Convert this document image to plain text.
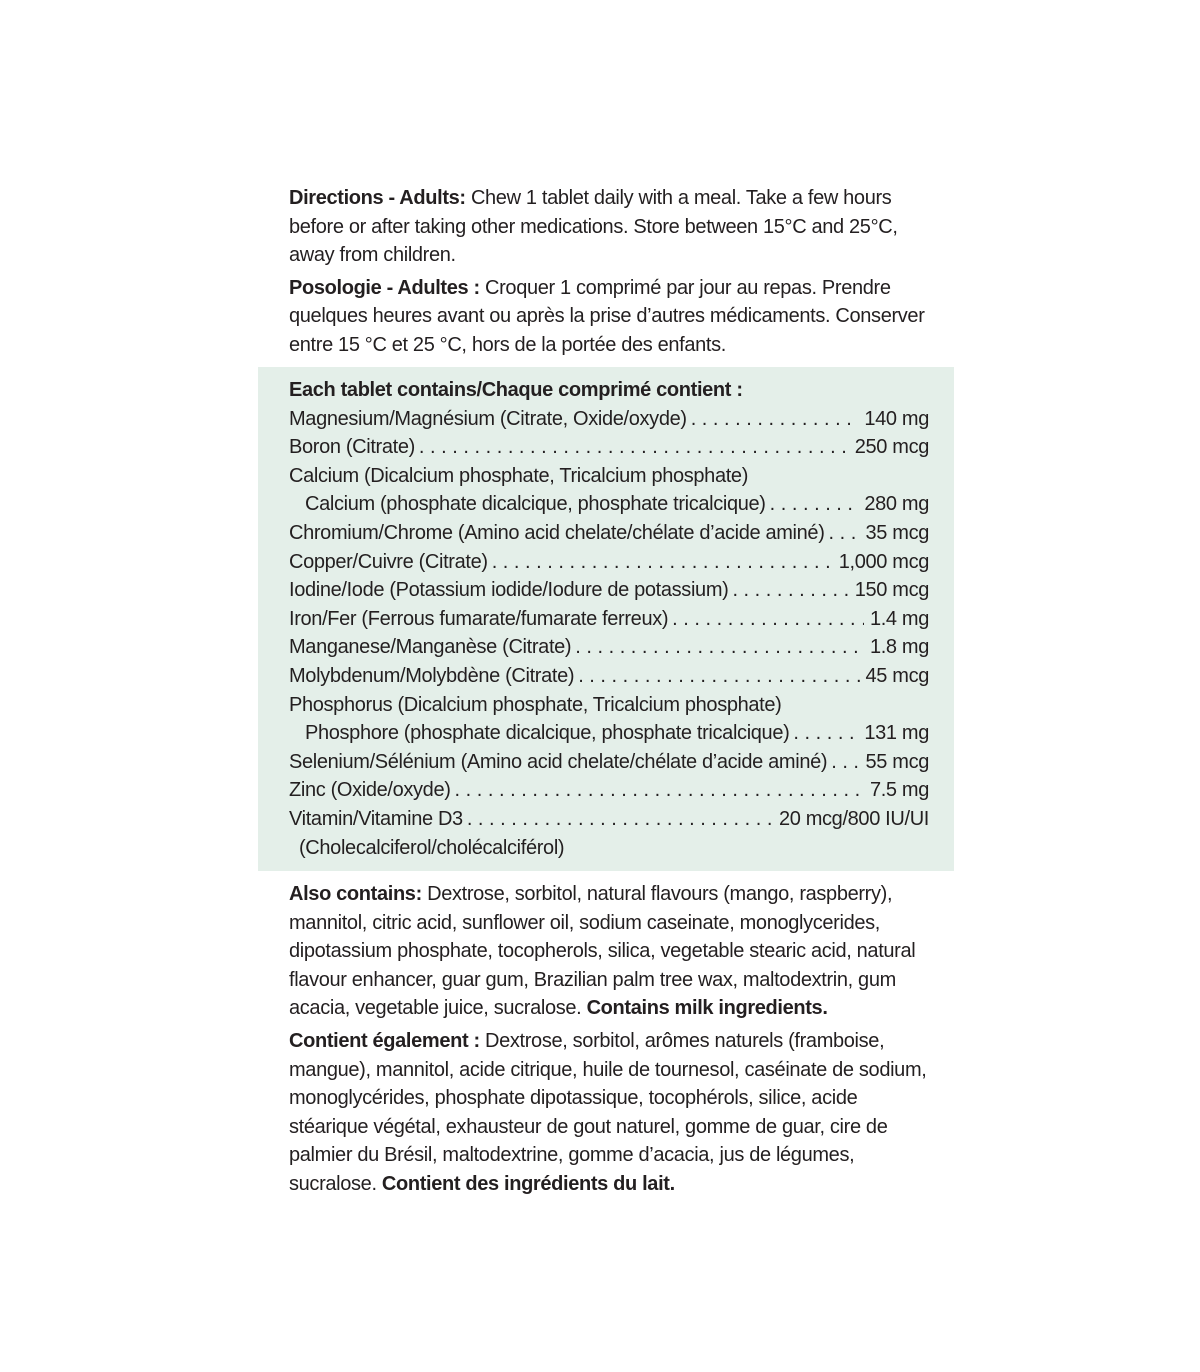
Directions - Adults: Chew 1 tablet daily with a meal. Take a few hours before or after taking other medications. Store between 15°C and 25°C, away from children.

Posologie - Adultes : Croquer 1 comprimé par jour au repas. Prendre quelques heures avant ou après la prise d’autres médicaments. Conserver entre 15 °C et 25 °C, hors de la portée des enfants.

Each tablet contains/Chaque comprimé contient :
Magnesium/Magnésium (Citrate, Oxide/oxyde) . . .	140 mg
Boron (Citrate) . . .	250 mcg
Calcium (Dicalcium phosphate, Tricalcium phosphate)
Calcium (phosphate dicalcique, phosphate tricalcique) . . .	280 mg
Chromium/Chrome (Amino acid chelate/chélate d’acide aminé) . . . 35 mcg
Copper/Cuivre (Citrate) . . .	1,000 mcg
Iodine/Iode (Potassium iodide/Iodure de potassium) . . .	150 mcg
Iron/Fer (Ferrous fumarate/fumarate ferreux) . . .	1.4 mg
Manganese/Manganèse (Citrate) . . .	1.8 mg
Molybdenum/Molybdène (Citrate) . . .	45 mcg
Phosphorus (Dicalcium phosphate, Tricalcium phosphate)
Phosphore (phosphate dicalcique, phosphate tricalcique) . . .	131 mg
Selenium/Sélénium (Amino acid chelate/chélate d’acide aminé) . . . 55 mcg
Zinc (Oxide/oxyde) . . .	7.5 mg
Vitamin/Vitamine D3 . . .	20 mcg/800 IU/UI
(Cholecalciferol/cholécalciférol)

Also contains: Dextrose, sorbitol, natural flavours (mango, raspberry), mannitol, citric acid, sunflower oil, sodium caseinate, monoglycerides, dipotassium phosphate, tocopherols, silica, vegetable stearic acid, natural flavour enhancer, guar gum, Brazilian palm tree wax, maltodextrin, gum acacia, vegetable juice, sucralose. Contains milk ingredients.

Contient également : Dextrose, sorbitol, arômes naturels (framboise, mangue), mannitol, acide citrique, huile de tournesol, caséinate de sodium, monoglycérides, phosphate dipotassique, tocophérols, silice, acide stéarique végétal, exhausteur de gout naturel, gomme de guar, cire de palmier du Brésil, maltodextrine, gomme d’acacia, jus de légumes, sucralose. Contient des ingrédients du lait.
